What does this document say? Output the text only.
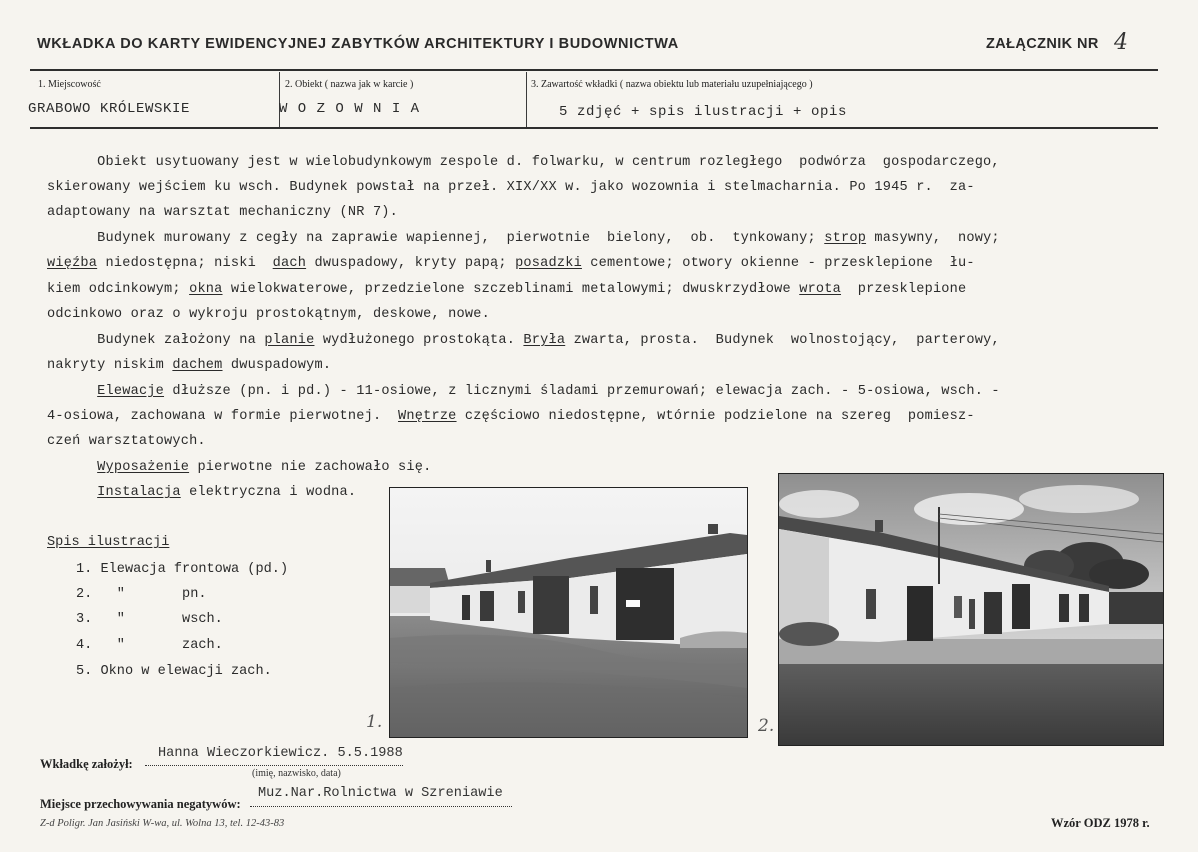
WKŁADKA DO KARTY EWIDENCYJNEJ ZABYTKÓW ARCHITEKTURY I BUDOWNICTWA	ZAŁĄCZNIK NR 4
1. Miejscowość
GRABOWO KRÓLEWSKIE
2. Obiekt ( nazwa jak w karcie )
W O Z O W N I A
3. Zawartość wkładki ( nazwa obiektu lub materiału uzupełniającego )
5 zdjęć + spis ilustracji + opis
Obiekt usytuowany jest w wielobudynkowym zespole d. folwarku, w centrum rozległego  podwórza  gospodarczego,
skierowany wejściem ku wsch. Budynek powstał na przeł. XIX/XX w. jako wozownia i stelmacharnia. Po 1945 r.  za-
adaptowany na warsztat mechaniczny (NR 7).
Budynek murowany z cegły na zaprawie wapiennej,  pierwotnie  bielony,  ob.  tynkowany; strop masywny,  nowy;
więźba niedostępna; niski  dach dwuspadowy, kryty papą; posadzki cementowe; otwory okienne - przesklepione  łu-
kiem odcinkowym; okna wielokwaterowe, przedzielone szczeblinami metalowymi; dwuskrzydłowe wrota  przesklepione
odcinkowo oraz o wykroju prostokątnym, deskowe, nowe.
Budynek założony na planie wydłużonego prostokąta. Bryła zwarta, prosta.  Budynek  wolnostojący,  parterowy,
nakryty niskim dachem dwuspadowym.
Elewacje dłuższe (pn. i pd.) - 11-osiowe, z licznymi śladami przemurowań; elewacja zach. - 5-osiowa, wsch. -
4-osiowa, zachowana w formie pierwotnej.  Wnętrze częściowo niedostępne, wtórnie podzielone na szereg  pomiesz-
czeń warsztatowych.
Wyposażenie pierwotne nie zachowało się.
Instalacja elektryczna i wodna.
Spis ilustracji
1. Elewacja frontowa (pd.)
2.   "       pn.
3.   "       wsch.
4.   "       zach.
5. Okno w elewacji zach.
1.	2.
Wkładkę założył:
Hanna Wieczorkiewicz. 5.5.1988
(imię, nazwisko, data)
Miejsce przechowywania negatywów:
Muz.Nar.Rolnictwa w Szreniawie
Z-d Poligr. Jan Jasiński W-wa, ul. Wolna 13, tel. 12-43-83	Wzór ODZ 1978 r.
